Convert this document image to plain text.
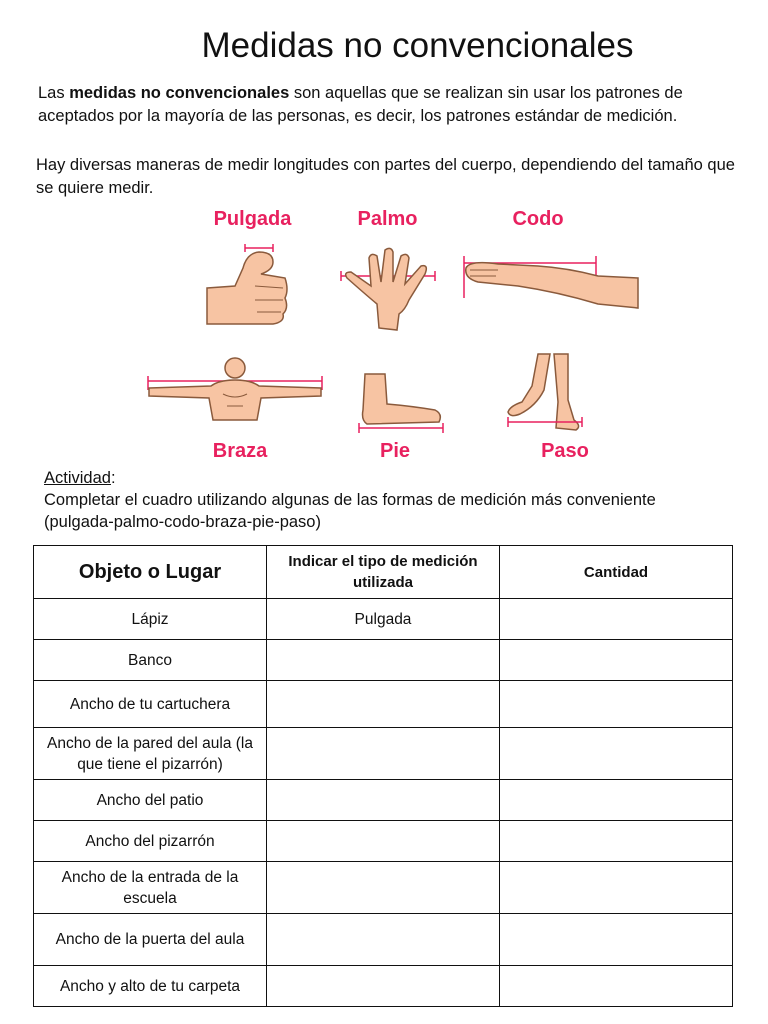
Medidas no convencionales

Las medidas no convencionales son aquellas que se realizan sin usar los patrones de aceptados por la mayoría de las personas, es decir, los patrones estándar de medición.

Hay diversas maneras de medir longitudes con partes del cuerpo, dependiendo del tamaño que se quiere medir.

Pulgada	Palmo	Codo
Braza	Pie	Paso
Actividad:
Completar el cuadro utilizando algunas de las formas de medición más conveniente
(pulgada-palmo-codo-braza-pie-paso)
Objeto o Lugar	Indicar el tipo de medición utilizada	Cantidad
Lápiz	Pulgada	
Banco		
Ancho de tu cartuchera		
Ancho de la pared del aula (la que tiene el pizarrón)		
Ancho del patio		
Ancho del pizarrón		
Ancho de la entrada de la escuela		
Ancho de la puerta del aula		
Ancho y alto de tu carpeta		
